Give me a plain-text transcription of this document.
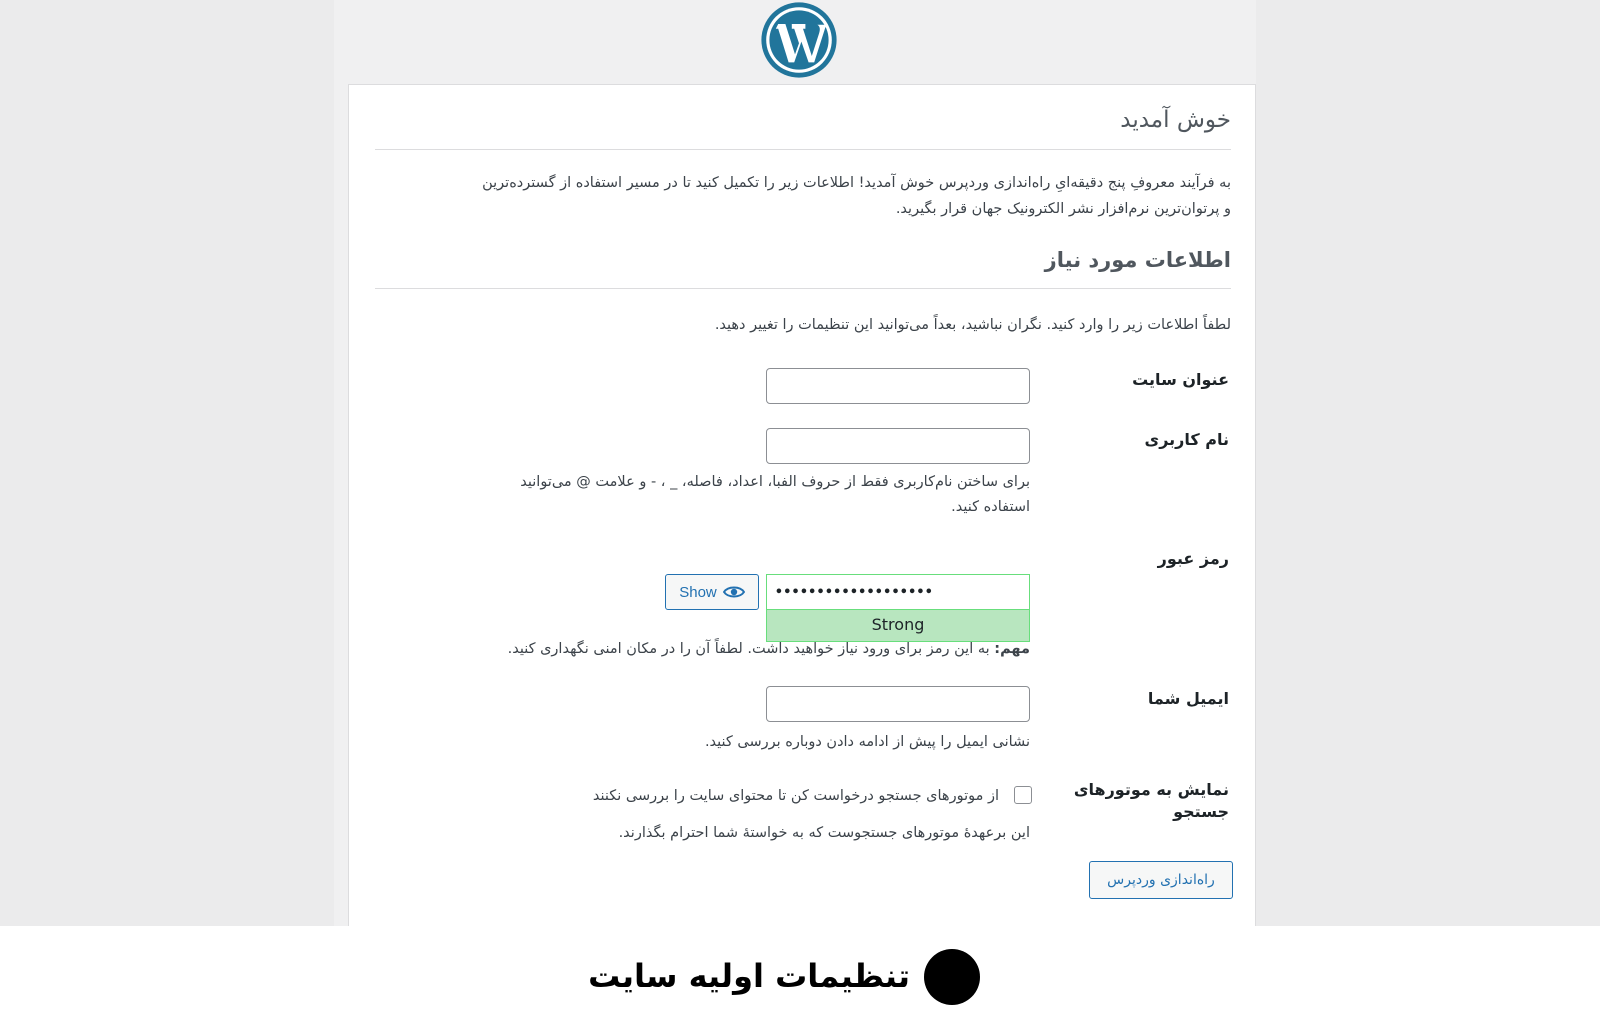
خوش آمدید
به فرآیند معروفِ پنج دقیقه‌ایِ راه‌اندازی وردپرس خوش آمدید! اطلاعات زیر را تکمیل کنید تا در مسیر استفاده از گسترده‌ترین
و پرتوان‌ترین نرم‌افزار نشر الکترونیک جهان قرار بگیرید.
اطلاعات مورد نیاز
لطفاً اطلاعات زیر را وارد کنید. نگران نباشید، بعداً می‌توانید این تنظیمات را تغییر دهید.
عنوان سایت
نام کاربری
برای ساختن نام‌کاربری فقط از حروف الفبا، اعداد، فاصله، _ ، - و علامت @ می‌توانید
استفاده کنید.
رمز عبور
Show
•••••••••••••••••••
Strong
مهم: به این رمز برای ورود نیاز خواهید داشت. لطفاً آن را در مکان امنی نگهداری کنید.
ایمیل شما
نشانی ایمیل را پیش از ادامه دادن دوباره بررسی کنید.
نمایش به موتورهای جستجو
از موتورهای جستجو درخواست کن تا محتوای سایت را بررسی نکنند
این برعهدهٔ موتورهای جستجوست که به خواستهٔ شما احترام بگذارند.
راه‌اندازی وردپرس
تنظیمات اولیه سایت
